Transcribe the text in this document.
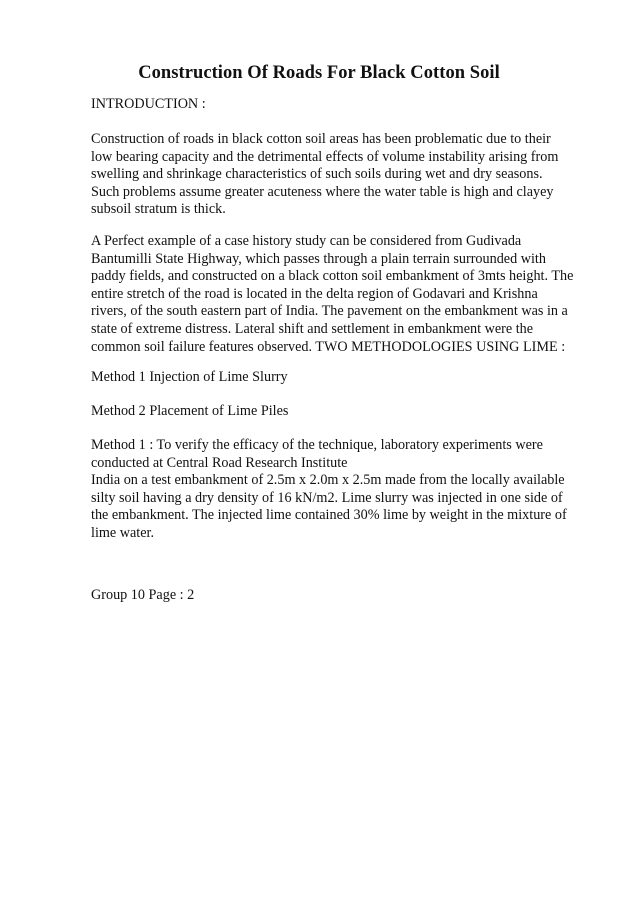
Construction Of Roads For Black Cotton Soil
INTRODUCTION :
Construction of roads in black cotton soil areas has been problematic due to their
low bearing capacity and the detrimental effects of volume instability arising from
swelling and shrinkage characteristics of such soils during wet and dry seasons.
Such problems assume greater acuteness where the water table is high and clayey
subsoil stratum is thick.
A Perfect example of a case history study can be considered from Gudivada
Bantumilli State Highway, which passes through a plain terrain surrounded with
paddy fields, and constructed on a black cotton soil embankment of 3mts height. The
entire stretch of the road is located in the delta region of Godavari and Krishna
rivers, of the south eastern part of India. The pavement on the embankment was in a
state of extreme distress. Lateral shift and settlement in embankment were the
common soil failure features observed. TWO METHODOLOGIES USING LIME :
Method 1 Injection of Lime Slurry
Method 2 Placement of Lime Piles
Method 1 : To verify the efficacy of the technique, laboratory experiments were
conducted at Central Road Research Institute
India on a test embankment of 2.5m x 2.0m x 2.5m made from the locally available
silty soil having a dry density of 16 kN/m2. Lime slurry was injected in one side of
the embankment. The injected lime contained 30% lime by weight in the mixture of
lime water.
Group 10 Page : 2
